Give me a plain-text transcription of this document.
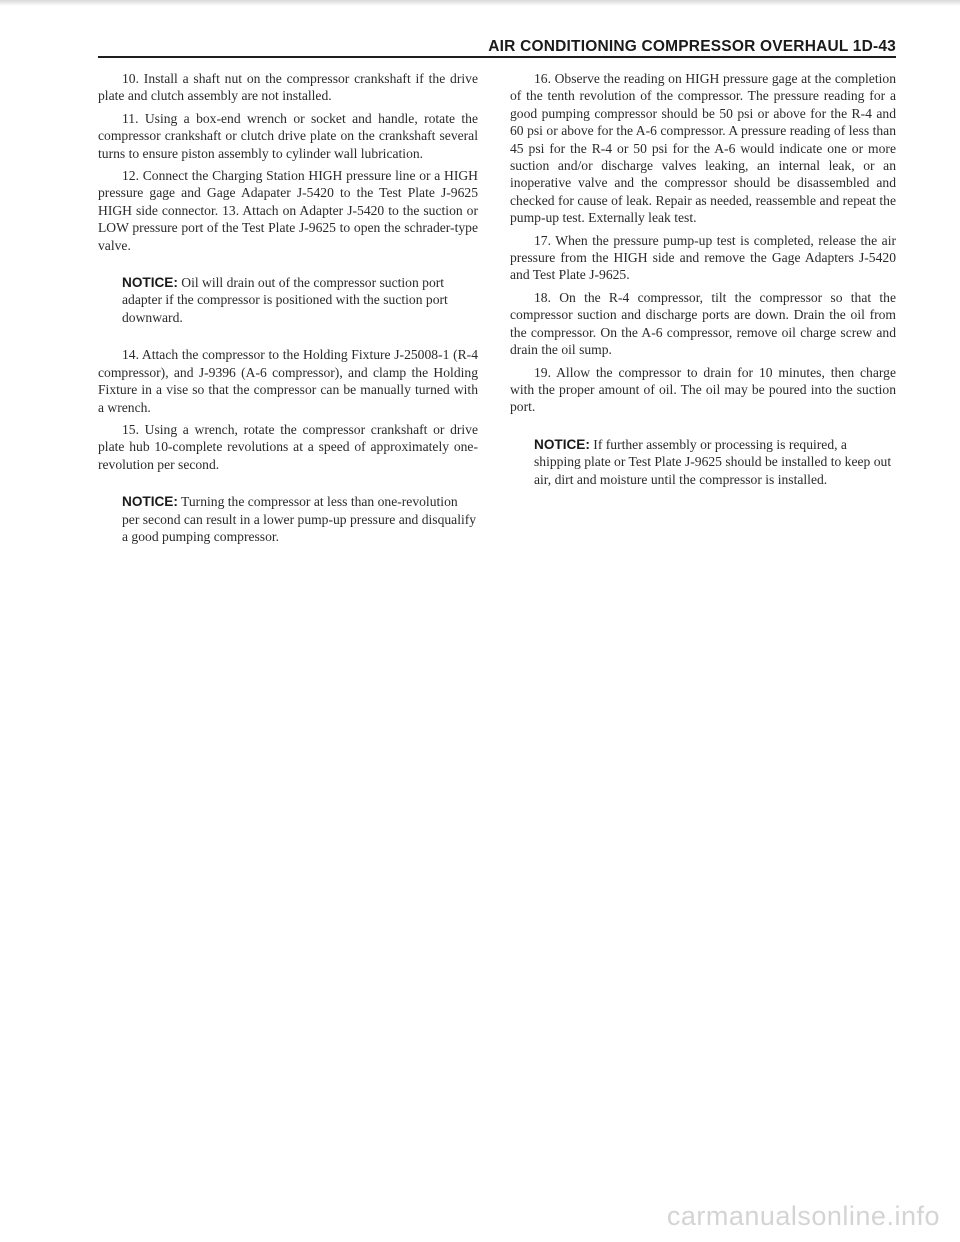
AIR CONDITIONING COMPRESSOR OVERHAUL 1D-43

10. Install a shaft nut on the compressor crankshaft if the drive plate and clutch assembly are not installed.

11. Using a box-end wrench or socket and handle, rotate the compressor crankshaft or clutch drive plate on the crankshaft several turns to ensure piston assembly to cylinder wall lubrication.

12. Connect the Charging Station HIGH pressure line or a HIGH pressure gage and Gage Adapater J-5420 to the Test Plate J-9625 HIGH side connector. 13. Attach on Adapter J-5420 to the suction or LOW pressure port of the Test Plate J-9625 to open the schrader-type valve.

NOTICE: Oil will drain out of the compressor suction port adapter if the compressor is positioned with the suction port downward.

14. Attach the compressor to the Holding Fixture J-25008-1 (R-4 compressor), and J-9396 (A-6 compressor), and clamp the Holding Fixture in a vise so that the compressor can be manually turned with a wrench.

15. Using a wrench, rotate the compressor crankshaft or drive plate hub 10-complete revolutions at a speed of approximately one-revolution per second.

NOTICE: Turning the compressor at less than one-revolution per second can result in a lower pump-up pressure and disqualify a good pumping compressor.

16. Observe the reading on HIGH pressure gage at the completion of the tenth revolution of the compressor. The pressure reading for a good pumping compressor should be 50 psi or above for the R-4 and 60 psi or above for the A-6 compressor. A pressure reading of less than 45 psi for the R-4 or 50 psi for the A-6 would indicate one or more suction and/or discharge valves leaking, an internal leak, or an inoperative valve and the compressor should be disassembled and checked for cause of leak. Repair as needed, reassemble and repeat the pump-up test. Externally leak test.

17. When the pressure pump-up test is completed, release the air pressure from the HIGH side and remove the Gage Adapters J-5420 and Test Plate J-9625.

18. On the R-4 compressor, tilt the compressor so that the compressor suction and discharge ports are down. Drain the oil from the compressor. On the A-6 compressor, remove oil charge screw and drain the oil sump.

19. Allow the compressor to drain for 10 minutes, then charge with the proper amount of oil. The oil may be poured into the suction port.

NOTICE: If further assembly or processing is required, a shipping plate or Test Plate J-9625 should be installed to keep out air, dirt and moisture until the compressor is installed.
carmanualsonline.info
